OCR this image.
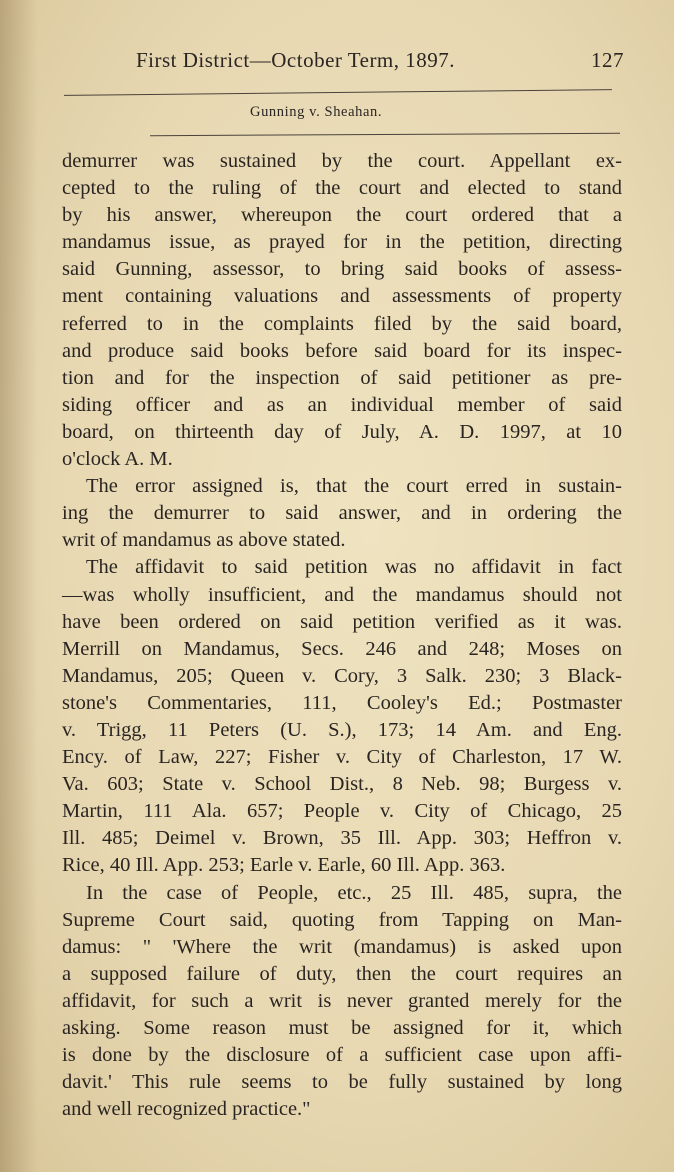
First District—October Term, 1897.	127
Gunning v. Sheahan.
demurrer was sustained by the court. Appellant ex-
cepted to the ruling of the court and elected to stand
by his answer, whereupon the court ordered that a
mandamus issue, as prayed for in the petition, directing
said Gunning, assessor, to bring said books of assess-
ment containing valuations and assessments of property
referred to in the complaints filed by the said board,
and produce said books before said board for its inspec-
tion and for the inspection of said petitioner as pre-
siding officer and as an individual member of said
board, on thirteenth day of July, A. D. 1997, at 10
o'clock A. M.
The error assigned is, that the court erred in sustain-
ing the demurrer to said answer, and in ordering the
writ of mandamus as above stated.
The affidavit to said petition was no affidavit in fact
—was wholly insufficient, and the mandamus should not
have been ordered on said petition verified as it was.
Merrill on Mandamus, Secs. 246 and 248; Moses on
Mandamus, 205; Queen v. Cory, 3 Salk. 230; 3 Black-
stone's Commentaries, 111, Cooley's Ed.; Postmaster
v. Trigg, 11 Peters (U. S.), 173; 14 Am. and Eng.
Ency. of Law, 227; Fisher v. City of Charleston, 17 W.
Va. 603; State v. School Dist., 8 Neb. 98; Burgess v.
Martin, 111 Ala. 657; People v. City of Chicago, 25
Ill. 485; Deimel v. Brown, 35 Ill. App. 303; Heffron v.
Rice, 40 Ill. App. 253; Earle v. Earle, 60 Ill. App. 363.
In the case of People, etc., 25 Ill. 485, supra, the
Supreme Court said, quoting from Tapping on Man-
damus: " 'Where the writ (mandamus) is asked upon
a supposed failure of duty, then the court requires an
affidavit, for such a writ is never granted merely for the
asking. Some reason must be assigned for it, which
is done by the disclosure of a sufficient case upon affi-
davit.' This rule seems to be fully sustained by long
and well recognized practice."
